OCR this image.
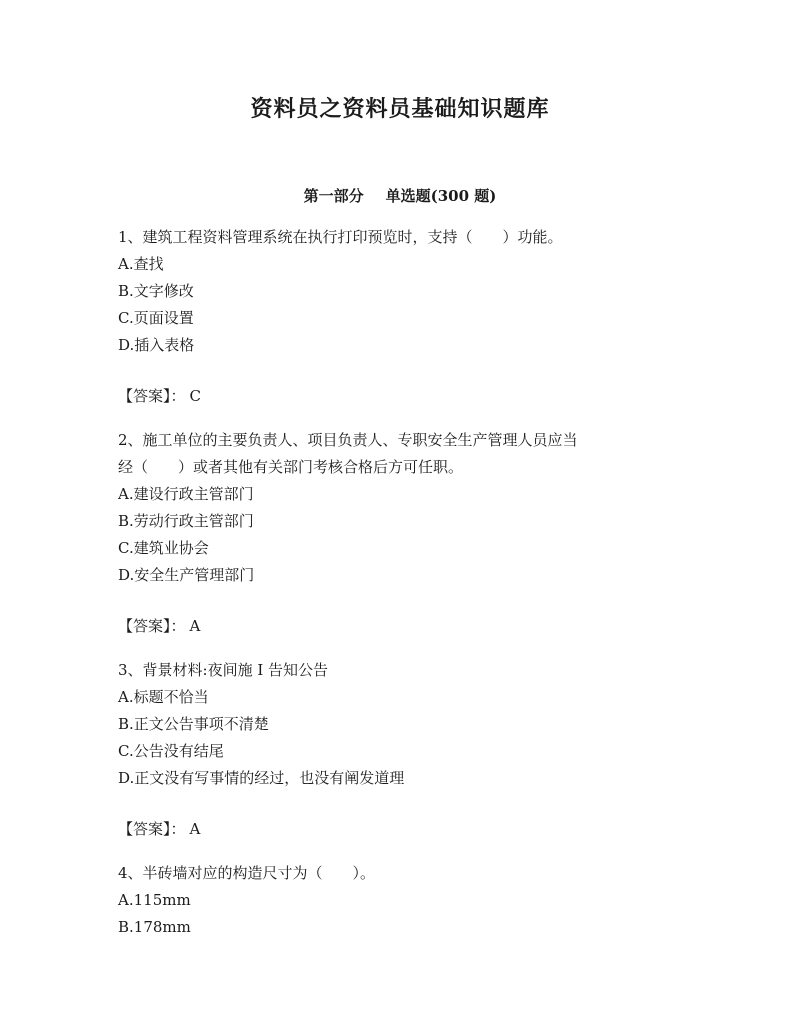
资料员之资料员基础知识题库
第一部分 单选题(300 题)

1、建筑工程资料管理系统在执行打印预览时，支持（　　）功能。

A.查找
B.文字修改
C.页面设置
D.插入表格

【答案】： C

2、施工单位的主要负责人、项目负责人、专职安全生产管理人员应当

经（　　）或者其他有关部门考核合格后方可任职。

A.建设行政主管部门
B.劳动行政主管部门
C.建筑业协会
D.安全生产管理部门

【答案】： A

3、背景材料:夜间施 I 告知公告

A.标题不恰当
B.正文公告事项不清楚
C.公告没有结尾
D.正文没有写事情的经过，也没有阐发道理

【答案】： A

4、半砖墙对应的构造尺寸为（　　）。

A.115mm
B.178mm
